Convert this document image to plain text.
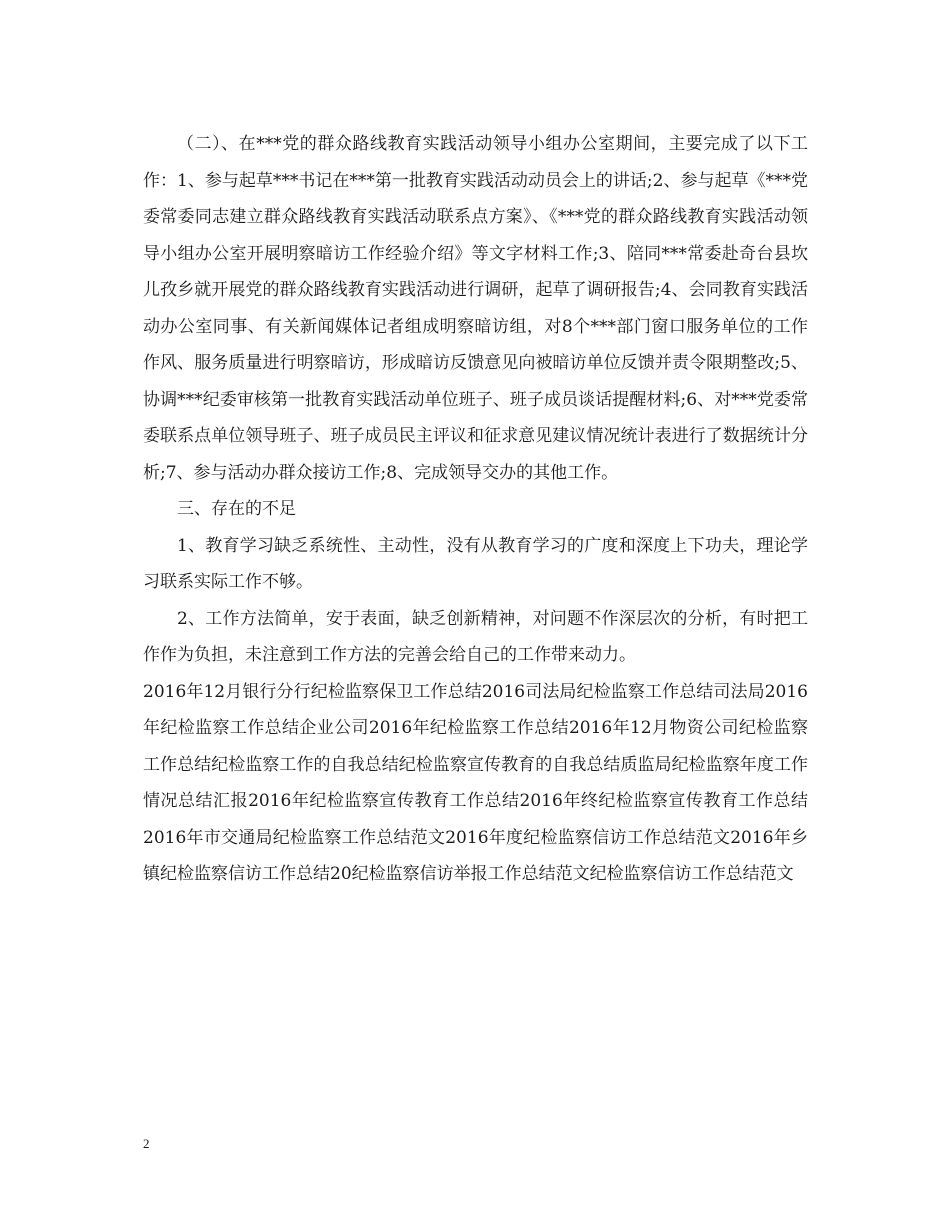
（二）、在***党的群众路线教育实践活动领导小组办公室期间，主要完成了以下工作：1、参与起草***书记在***第一批教育实践活动动员会上的讲话;2、参与起草《***党委常委同志建立群众路线教育实践活动联系点方案》、《***党的群众路线教育实践活动领导小组办公室开展明察暗访工作经验介绍》等文字材料工作;3、陪同***常委赴奇台县坎儿孜乡就开展党的群众路线教育实践活动进行调研，起草了调研报告;4、会同教育实践活动办公室同事、有关新闻媒体记者组成明察暗访组，对8个***部门窗口服务单位的工作作风、服务质量进行明察暗访，形成暗访反馈意见向被暗访单位反馈并责令限期整改;5、协调***纪委审核第一批教育实践活动单位班子、班子成员谈话提醒材料;6、对***党委常委联系点单位领导班子、班子成员民主评议和征求意见建议情况统计表进行了数据统计分析;7、参与活动办群众接访工作;8、完成领导交办的其他工作。

三、存在的不足

1、教育学习缺乏系统性、主动性，没有从教育学习的广度和深度上下功夫，理论学习联系实际工作不够。

2、工作方法简单，安于表面，缺乏创新精神，对问题不作深层次的分析，有时把工作作为负担，未注意到工作方法的完善会给自己的工作带来动力。

2016年12月银行分行纪检监察保卫工作总结2016司法局纪检监察工作总结司法局2016年纪检监察工作总结企业公司2016年纪检监察工作总结2016年12月物资公司纪检监察工作总结纪检监察工作的自我总结纪检监察宣传教育的自我总结质监局纪检监察年度工作情况总结汇报2016年纪检监察宣传教育工作总结2016年终纪检监察宣传教育工作总结2016年市交通局纪检监察工作总结范文2016年度纪检监察信访工作总结范文2016年乡镇纪检监察信访工作总结20纪检监察信访举报工作总结范文纪检监察信访工作总结范文

2
